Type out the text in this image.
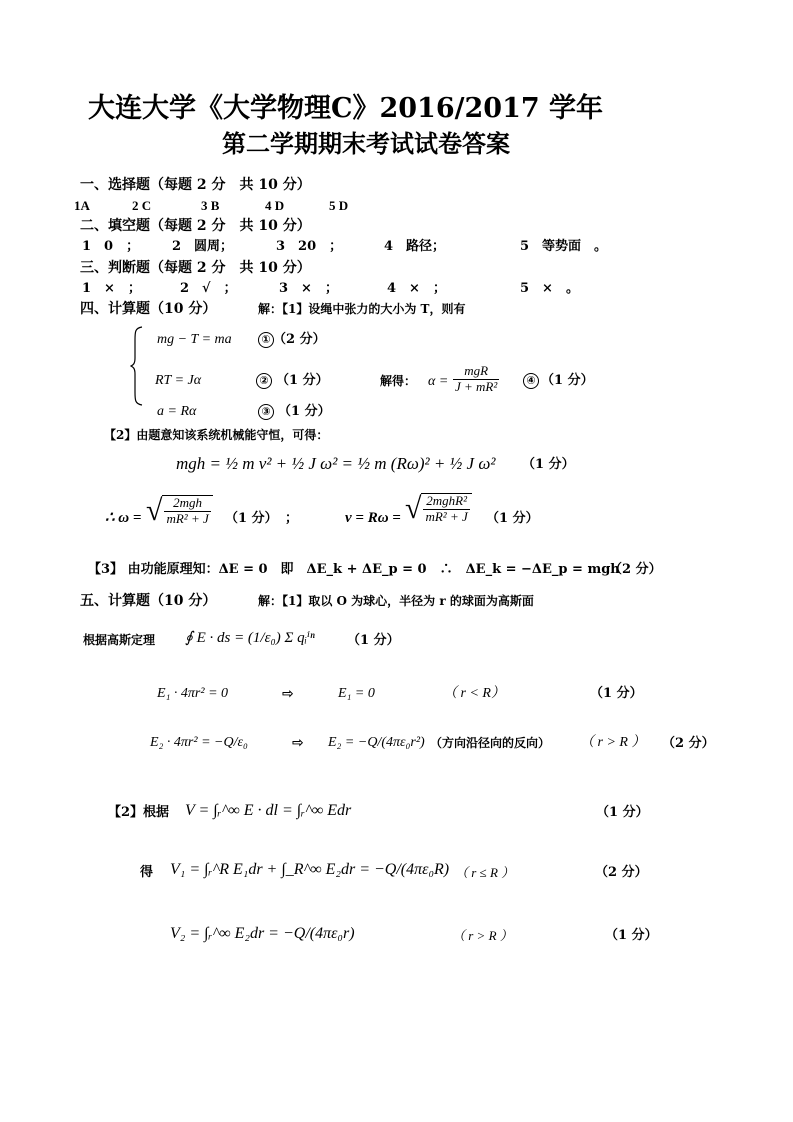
大连大学《大学物理C》2016/2017 学年
第二学期期末考试试卷答案
一、选择题（每题 2 分　共 10 分）
1A	2 C	3 B	4 D	5 D
二、填空题（每题 2 分　共 10 分）
1　0　；	2　圆周；	3　20　；	4　路径；	5　等势面　。
三、判断题（每题 2 分　共 10 分）
1　×　；	2　√　；	3　×　；	4　×　；	5　×　。
四、计算题（10 分）	解：【1】设绳中张力的大小为 T，则有
mg − T = ma	① （2 分）
RT = Jα	② （1 分）	解得： $\alpha = \frac{\text{mgR}}{\text{J + mR²}}$	④ （1 分）
a = Rα	③ （1 分）
【2】由题意知该系统机械能守恒，可得：
mgh = ½ m v² + ½ J ω² = ½ m (Rω)² + ½ J ω² （1 分）
∴ ω = √ $\frac{\text{2mgh}}{\text{mR² + J}} (1$ 分） ；	v = Rω = √ $\frac{\text{2mghR²}}{\text{mR² + J}} (1$ 分）
【3】 由功能原理知：ΔE = 0　即　ΔE_k + ΔE_p = 0　∴　ΔE_k = −ΔE_p = mgh
（2 分）
五、计算题（10 分）	解：【1】取以 O 为球心，半径为 r 的球面为高斯面
根据高斯定理 ∮ E · ds = (1/ε₀) Σ qᵢⁱⁿ （1 分）
E₁ · 4πr² = 0	⇨	E₁ = 0	（ r < R）	（1 分）
E₂ · 4πr² = −Q/ε₀	⇨ E₂ = −Q/(4πε₀r²) （方向沿径向的反向） （ r > R ） （2 分）
【2】根据 V = ∫ᵣ^∞ E · dl = ∫ᵣ^∞ Edr	（1 分）
得 V₁ = ∫ᵣ^R E₁dr + ∫_R^∞ E₂dr = −Q/(4πε₀R) （ r ≤ R ）	（2 分）
V₂ = ∫ᵣ^∞ E₂dr = −Q/(4πε₀r)	（ r > R ）	（1 分）
